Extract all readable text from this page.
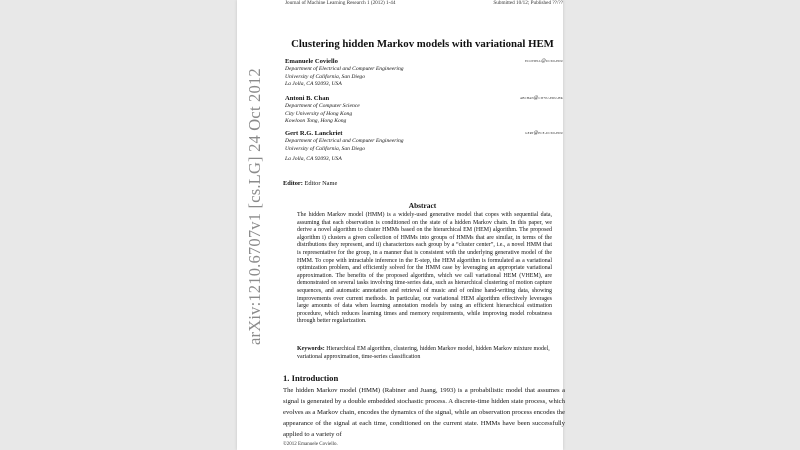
arXiv:1210.6707v1 [cs.LG] 24 Oct 2012
Journal of Machine Learning Research 1 (2012) 1-44	Submitted 10/12; Published ??/??
Clustering hidden Markov models with variational HEM
Emanuele Coviello	ecoviell@ucsd.edu
Department of Electrical and Computer Engineering
University of California, San Diego
La Jolla, CA 92093, USA
Antoni B. Chan	abchan@cityu.edu.hk
Department of Computer Science
City University of Hong Kong
Kowloon Tong, Hong Kong
Gert R.G. Lanckriet	gert@ece.ucsd.edu
Department of Electrical and Computer Engineering
University of California, San Diego
La Jolla, CA 92093, USA
Editor: Editor Name
Abstract
The hidden Markov model (HMM) is a widely-used generative model that copes with sequential data, assuming that each observation is conditioned on the state of a hidden Markov chain. In this paper, we derive a novel algorithm to cluster HMMs based on the hierarchical EM (HEM) algorithm. The proposed algorithm i) clusters a given collection of HMMs into groups of HMMs that are similar, in terms of the distributions they represent, and ii) characterizes each group by a “cluster center”, i.e., a novel HMM that is representative for the group, in a manner that is consistent with the underlying generative model of the HMM. To cope with intractable inference in the E-step, the HEM algorithm is formulated as a variational optimization problem, and efficiently solved for the HMM case by leveraging an appropriate variational approximation. The benefits of the proposed algorithm, which we call variational HEM (VHEM), are demonstrated on several tasks involving time-series data, such as hierarchical clustering of motion capture sequences, and automatic annotation and retrieval of music and of online hand-writing data, showing improvements over current methods. In particular, our variational HEM algorithm effectively leverages large amounts of data when learning annotation models by using an efficient hierarchical estimation procedure, which reduces learning times and memory requirements, while improving model robustness through better regularization.
Keywords: Hierarchical EM algorithm, clustering, hidden Markov model, hidden Markov mixture model, variational approximation, time-series classification
1. Introduction
The hidden Markov model (HMM) (Rabiner and Juang, 1993) is a probabilistic model that assumes a signal is generated by a double embedded stochastic process. A discrete-time hidden state process, which evolves as a Markov chain, encodes the dynamics of the signal, while an observation process encodes the appearance of the signal at each time, conditioned on the current state. HMMs have been successfully applied to a variety of
©2012 Emanuele Coviello.
